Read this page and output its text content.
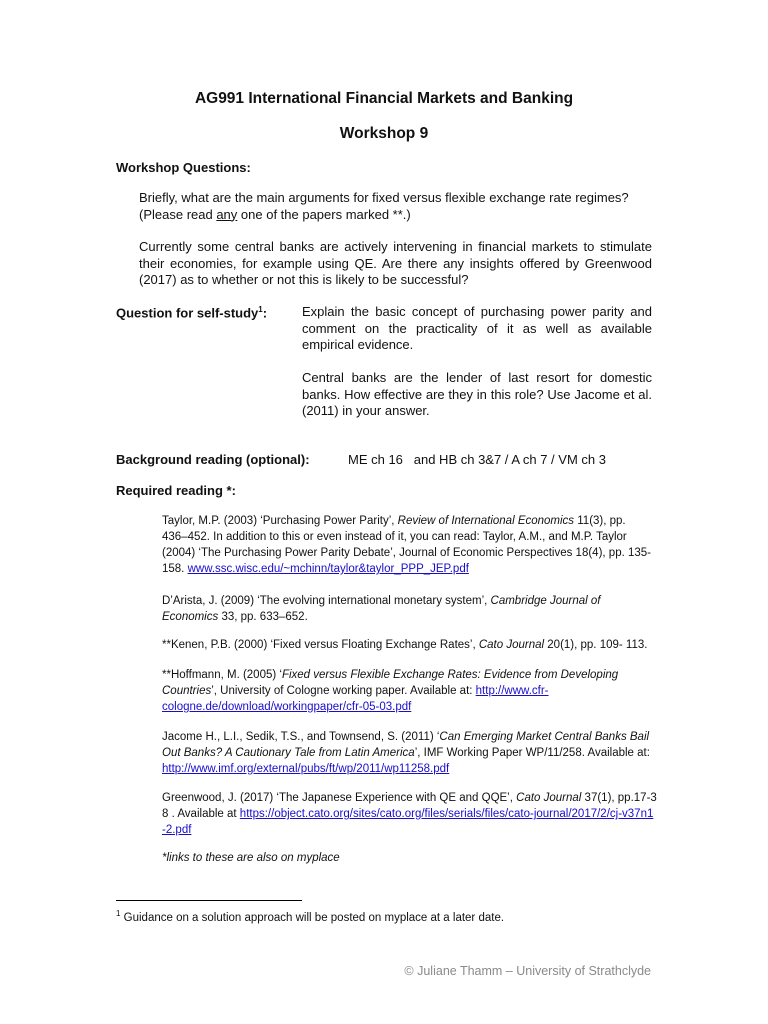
AG991 International Financial Markets and Banking
Workshop 9
Workshop Questions:
Briefly, what are the main arguments for fixed versus flexible exchange rate regimes?
(Please read any one of the papers marked **.)
Currently some central banks are actively intervening in financial markets to stimulate their economies, for example using QE. Are there any insights offered by Greenwood (2017) as to whether or not this is likely to be successful?
Question for self-study$^1$:	Explain the basic concept of purchasing power parity and comment on the practicality of it as well as available empirical evidence.
Central banks are the lender of last resort for domestic banks. How effective are they in this role? Use Jacome et al. (2011) in your answer.
Background reading (optional):	ME ch 16   and HB ch 3&7 / A ch 7 / VM ch 3
Required reading *:
Taylor, M.P. (2003) ‘Purchasing Power Parity’, Review of International Economics 11(3), pp. 436–452. In addition to this or even instead of it, you can read: Taylor, A.M., and M.P. Taylor (2004) ‘The Purchasing Power Parity Debate’, Journal of Economic Perspectives 18(4), pp. 135-158. www.ssc.wisc.edu/~mchinn/taylor&taylor_PPP_JEP.pdf
D’Arista, J. (2009) ‘The evolving international monetary system’, Cambridge Journal of Economics 33, pp. 633–652.
**Kenen, P.B. (2000) ‘Fixed versus Floating Exchange Rates’, Cato Journal 20(1), pp. 109- 113.
**Hoffmann, M. (2005) ‘Fixed versus Flexible Exchange Rates: Evidence from Developing Countries’, University of Cologne working paper. Available at: http://www.cfr-cologne.de/download/workingpaper/cfr-05-03.pdf
Jacome H., L.I., Sedik, T.S., and Townsend, S. (2011) ‘Can Emerging Market Central Banks Bail Out Banks? A Cautionary Tale from Latin America’, IMF Working Paper WP/11/258. Available at: http://www.imf.org/external/pubs/ft/wp/2011/wp11258.pdf
Greenwood, J. (2017) ‘The Japanese Experience with QE and QQE’, Cato Journal 37(1), pp.17-38 . Available at https://object.cato.org/sites/cato.org/files/serials/files/cato-journal/2017/2/cj-v37n1-2.pdf
*links to these are also on myplace
$^1$ Guidance on a solution approach will be posted on myplace at a later date.
© Juliane Thamm – University of Strathclyde
